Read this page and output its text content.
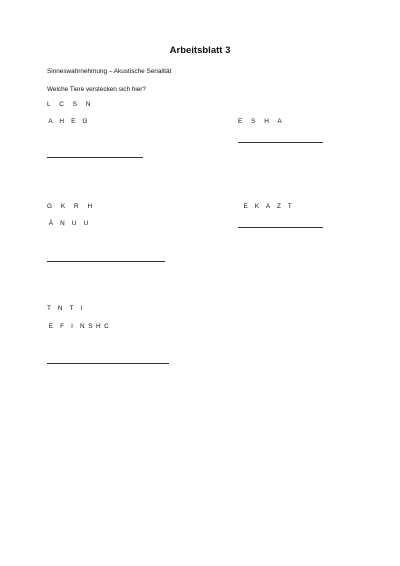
Arbeitsblatt 3
Sinneswahrnehmung – Akustische Serialität
Welche Tiere verstecken sich hier?
L     C     S     N
A    H    E    G	E     S     H     A
G     K     R     H
Ä    N    U    U
E    K    A    Z    T
T    N    T    I
E    F    I    N  S  H  C
